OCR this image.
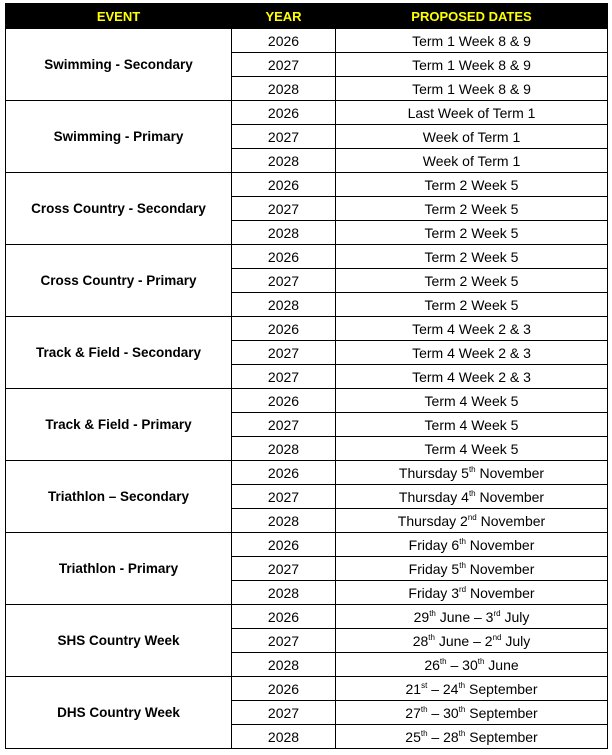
EVENT	YEAR	PROPOSED DATES
Swimming - Secondary	2026	Term 1 Week 8 & 9
	2027	Term 1 Week 8 & 9
	2028	Term 1 Week 8 & 9
Swimming - Primary	2026	Last Week of Term 1
	2027	Week of Term 1
	2028	Week of Term 1
Cross Country - Secondary	2026	Term 2 Week 5
	2027	Term 2 Week 5
	2028	Term 2 Week 5
Cross Country - Primary	2026	Term 2 Week 5
	2027	Term 2 Week 5
	2028	Term 2 Week 5
Track & Field - Secondary	2026	Term 4 Week 2 & 3
	2027	Term 4 Week 2 & 3
	2027	Term 4 Week 2 & 3
Track & Field - Primary	2026	Term 4 Week 5
	2027	Term 4 Week 5
	2028	Term 4 Week 5
Triathlon – Secondary	2026	Thursday 5th November
	2027	Thursday 4th November
	2028	Thursday 2nd November
Triathlon - Primary	2026	Friday 6th November
	2027	Friday 5th November
	2028	Friday 3rd November
SHS Country Week	2026	29th June – 3rd July
	2027	28th June – 2nd July
	2028	26th – 30th June
DHS Country Week	2026	21st – 24th September
	2027	27th – 30th September
	2028	25th – 28th September
